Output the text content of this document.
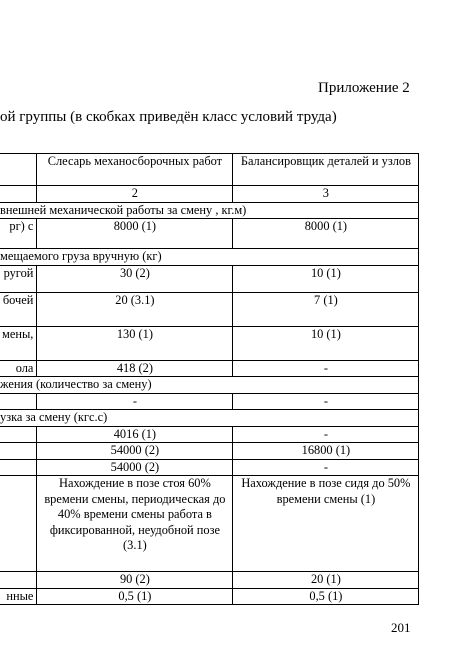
Приложение 2
ой группы (в скобках приведён класс условий труда)
	Слесарь механосборочных работ	Балансировщик деталей и узлов
	2	3
внешней механической работы за смену , кг.м)		
рг) с	8000 (1)	8000 (1)
мещаемого груза вручную (кг)		
ругой	30 (2)	10 (1)
бочей	20 (3.1)	7 (1)
мены,	130 (1)	10 (1)
ола	418 (2)	-
жения (количество за смену)		
	-	-
узка за смену (кгс.с)		
	4016 (1)	-
	54000 (2)	16800 (1)
	54000 (2)	-
	Нахождение в позе стоя 60% времени смены, периодическая до 40% времени смены работа в фиксированной, неудобной позе (3.1)	Нахождение в позе сидя до 50% времени смены (1)
	90 (2)	20 (1)
нные	0,5 (1)	0,5 (1)
201
